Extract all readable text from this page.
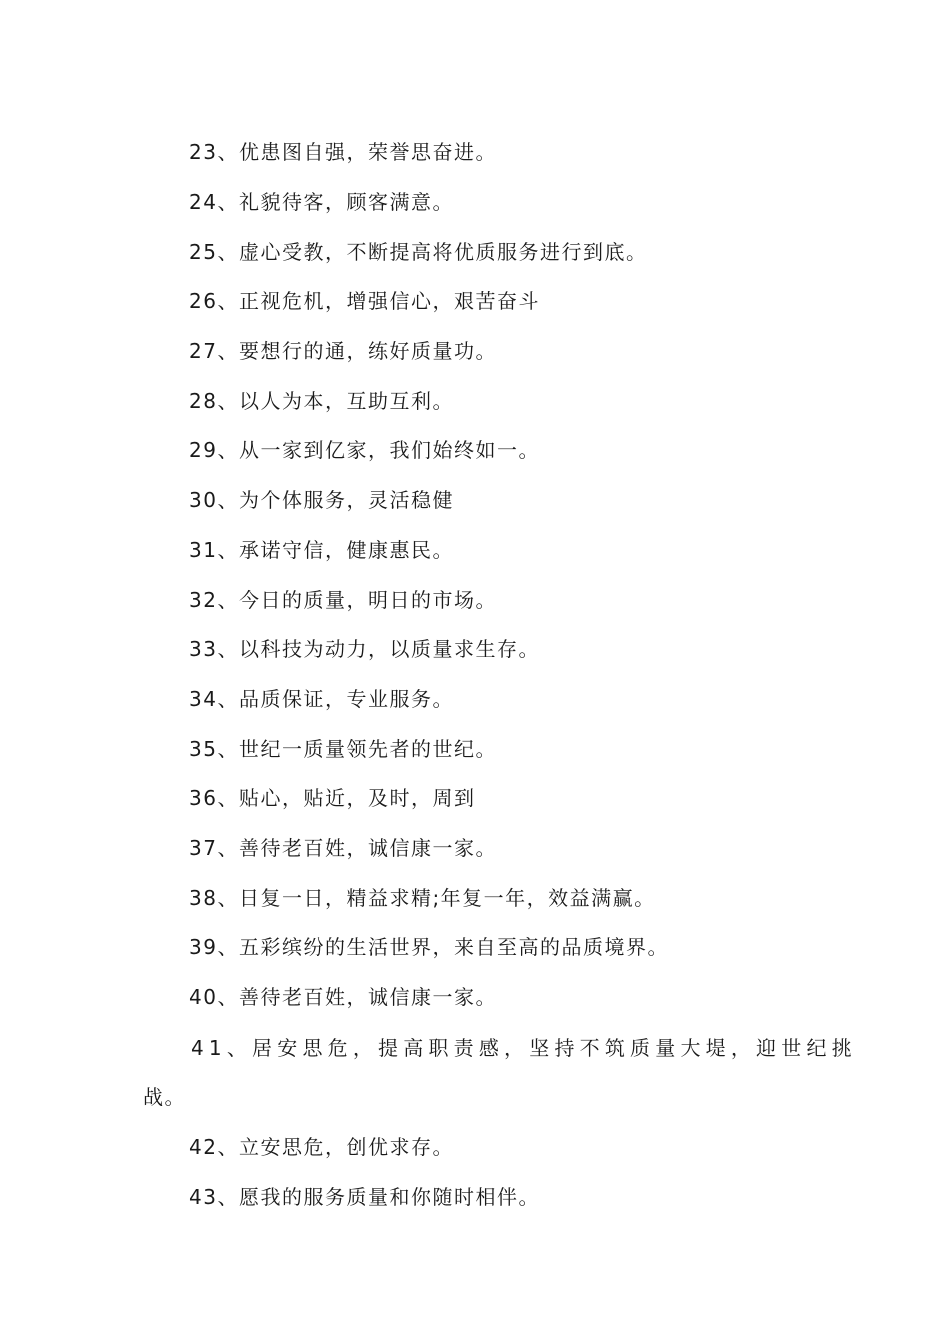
23、优患图自强，荣誉思奋进。
24、礼貌待客，顾客满意。
25、虚心受教，不断提高将优质服务进行到底。
26、正视危机，增强信心，艰苦奋斗
27、要想行的通，练好质量功。
28、以人为本，互助互利。
29、从一家到亿家，我们始终如一。
30、为个体服务，灵活稳健
31、承诺守信，健康惠民。
32、今日的质量，明日的市场。
33、以科技为动力，以质量求生存。
34、品质保证，专业服务。
35、世纪一质量领先者的世纪。
36、贴心，贴近，及时，周到
37、善待老百姓，诚信康一家。
38、日复一日，精益求精;年复一年，效益满赢。
39、五彩缤纷的生活世界，来自至高的品质境界。
40、善待老百姓，诚信康一家。
41、居安思危，提高职责感，坚持不筑质量大堤，迎世纪挑
战。
42、立安思危，创优求存。
43、愿我的服务质量和你随时相伴。
